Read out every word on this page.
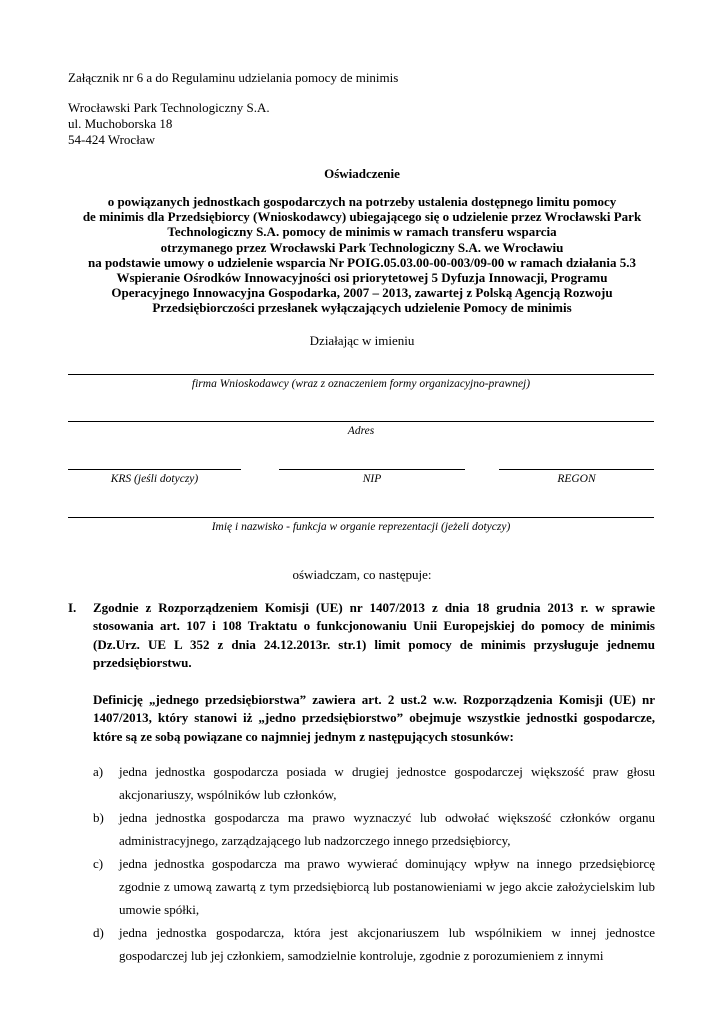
Załącznik nr 6 a do Regulaminu udzielania pomocy de minimis
Wrocławski Park Technologiczny S.A.
ul. Muchoborska 18
54-424 Wrocław
Oświadczenie
o powiązanych jednostkach gospodarczych na potrzeby ustalenia dostępnego limitu pomocy
de minimis dla Przedsiębiorcy (Wnioskodawcy) ubiegającego się o udzielenie przez Wrocławski Park
Technologiczny S.A. pomocy de minimis w ramach transferu wsparcia
otrzymanego przez Wrocławski Park Technologiczny S.A. we Wrocławiu
na podstawie umowy o udzielenie wsparcia Nr POIG.05.03.00-00-003/09-00 w ramach działania 5.3
Wspieranie Ośrodków Innowacyjności osi priorytetowej 5 Dyfuzja Innowacji, Programu
Operacyjnego Innowacyjna Gospodarka, 2007 – 2013, zawartej z Polską Agencją Rozwoju
Przedsiębiorczości przesłanek wyłączających udzielenie Pomocy de minimis
Działając w imieniu
firma Wnioskodawcy (wraz z oznaczeniem formy organizacyjno-prawnej)
Adres
KRS (jeśli dotyczy)	NIP	REGON
Imię i nazwisko - funkcja w organie reprezentacji (jeżeli dotyczy)
oświadczam, co następuje:
I. Zgodnie z Rozporządzeniem Komisji (UE) nr 1407/2013 z dnia 18 grudnia 2013 r. w sprawie stosowania art. 107 i 108 Traktatu o funkcjonowaniu Unii Europejskiej do pomocy de minimis (Dz.Urz. UE L 352 z dnia 24.12.2013r. str.1) limit pomocy de minimis przysługuje jednemu przedsiębiorstwu.
Definicję „jednego przedsiębiorstwa” zawiera art. 2 ust.2 w.w. Rozporządzenia Komisji (UE) nr 1407/2013, który stanowi iż „jedno przedsiębiorstwo” obejmuje wszystkie jednostki gospodarcze, które są ze sobą powiązane co najmniej jednym z następujących stosunków:
a) jedna jednostka gospodarcza posiada w drugiej jednostce gospodarczej większość praw głosu akcjonariuszy, wspólników lub członków,
b) jedna jednostka gospodarcza ma prawo wyznaczyć lub odwołać większość członków organu administracyjnego, zarządzającego lub nadzorczego innego przedsiębiorcy,
c) jedna jednostka gospodarcza ma prawo wywierać dominujący wpływ na innego przedsiębiorcę zgodnie z umową zawartą z tym przedsiębiorcą lub postanowieniami w jego akcie założycielskim lub umowie spółki,
d) jedna jednostka gospodarcza, która jest akcjonariuszem lub wspólnikiem w innej jednostce gospodarczej lub jej członkiem, samodzielnie kontroluje, zgodnie z porozumieniem z innymi
